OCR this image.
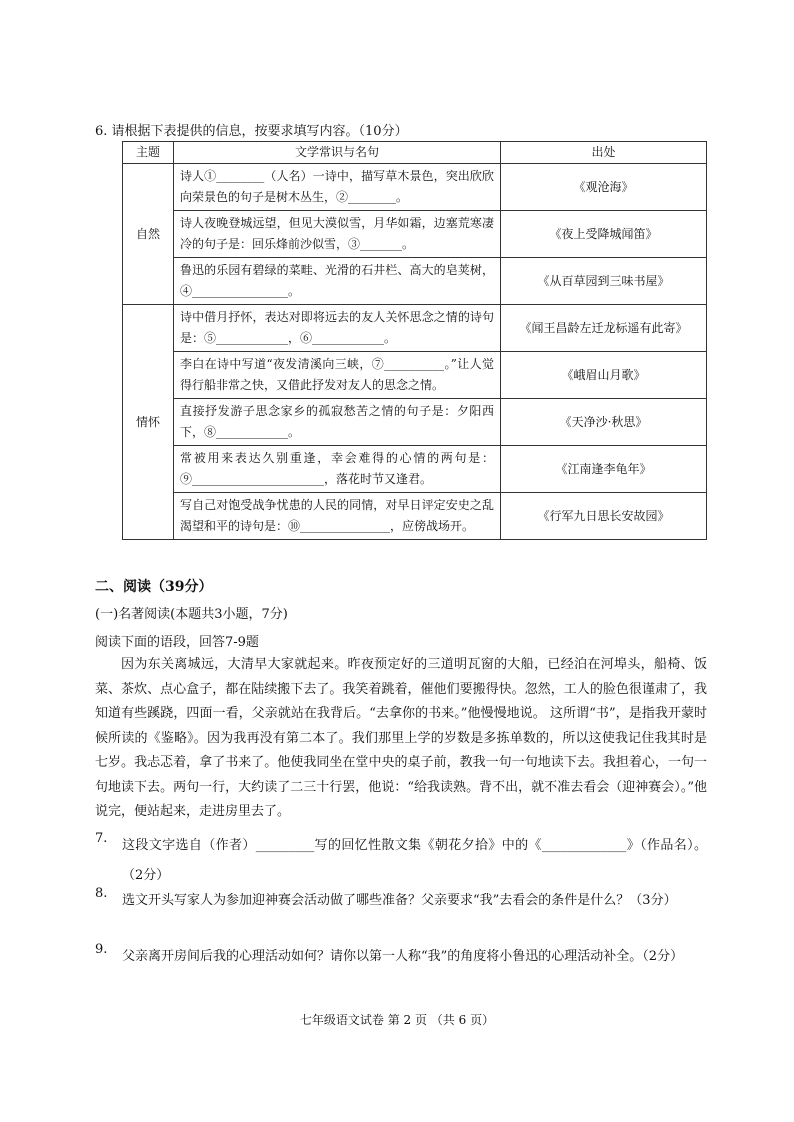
6. 请根据下表提供的信息，按要求填写内容。（10分）
主题	文学常识与名句	出处
自然	诗人①________（人名）一诗中，描写草木景色，突出欣欣向荣景色的句子是树木丛生，②________。	《观沧海》
	诗人夜晚登城远望，但见大漠似雪，月华如霜，边塞荒寒凄冷的句子是：回乐烽前沙似雪，③_______。	《夜上受降城闻笛》
	鲁迅的乐园有碧绿的菜畦、光滑的石井栏、高大的皂荚树，④________________。	《从百草园到三味书屋》
情怀	诗中借月抒怀，表达对即将远去的友人关怀思念之情的诗句是：⑤____________，⑥____________。	《闻王昌龄左迁龙标遥有此寄》
	李白在诗中写道“夜发清溪向三峡，⑦__________。”让人觉得行船非常之快，又借此抒发对友人的思念之情。	《峨眉山月歌》
	直接抒发游子思念家乡的孤寂愁苦之情的句子是：夕阳西下，⑧____________。	《天净沙·秋思》
	常被用来表达久别重逢，幸会难得的心情的两句是：⑨______________________，落花时节又逢君。	《江南逢李龟年》
	写自己对饱受战争忧患的人民的同情，对早日评定安史之乱渴望和平的诗句是：⑩_______________，应傍战场开。	《行军九日思长安故园》
二、阅读（39分）
(一)名著阅读(本题共3小题，7分)
阅读下面的语段，回答7-9题

因为东关离城远，大清早大家就起来。昨夜预定好的三道明瓦窗的大船，已经泊在河埠头，船椅、饭菜、茶炊、点心盒子，都在陆续搬下去了。我笑着跳着，催他们要搬得快。忽然，工人的脸色很谨肃了，我知道有些蹊跷，四面一看，父亲就站在我背后。“去拿你的书来。”他慢慢地说。 这所谓“书”，是指我开蒙时候所读的《鉴略》。因为我再没有第二本了。我们那里上学的岁数是多拣单数的，所以这使我记住我其时是七岁。我忐忑着，拿了书来了。他使我同坐在堂中央的桌子前，教我一句一句地读下去。我担着心，一句一句地读下去。两句一行，大约读了二三十行罢，他说：“给我读熟。背不出，就不准去看会（迎神赛会）。”他说完，便站起来，走进房里去了。

7. 这段文字选自（作者）_________写的回忆性散文集《朝花夕拾》中的《_____________》（作品名）。（2分）
8. 选文开头写家人为参加迎神赛会活动做了哪些准备？父亲要求“我”去看会的条件是什么？（3分）
9. 父亲离开房间后我的心理活动如何？请你以第一人称“我”的角度将小鲁迅的心理活动补全。（2分）
七年级语文试卷 第 2 页 （共 6 页）
